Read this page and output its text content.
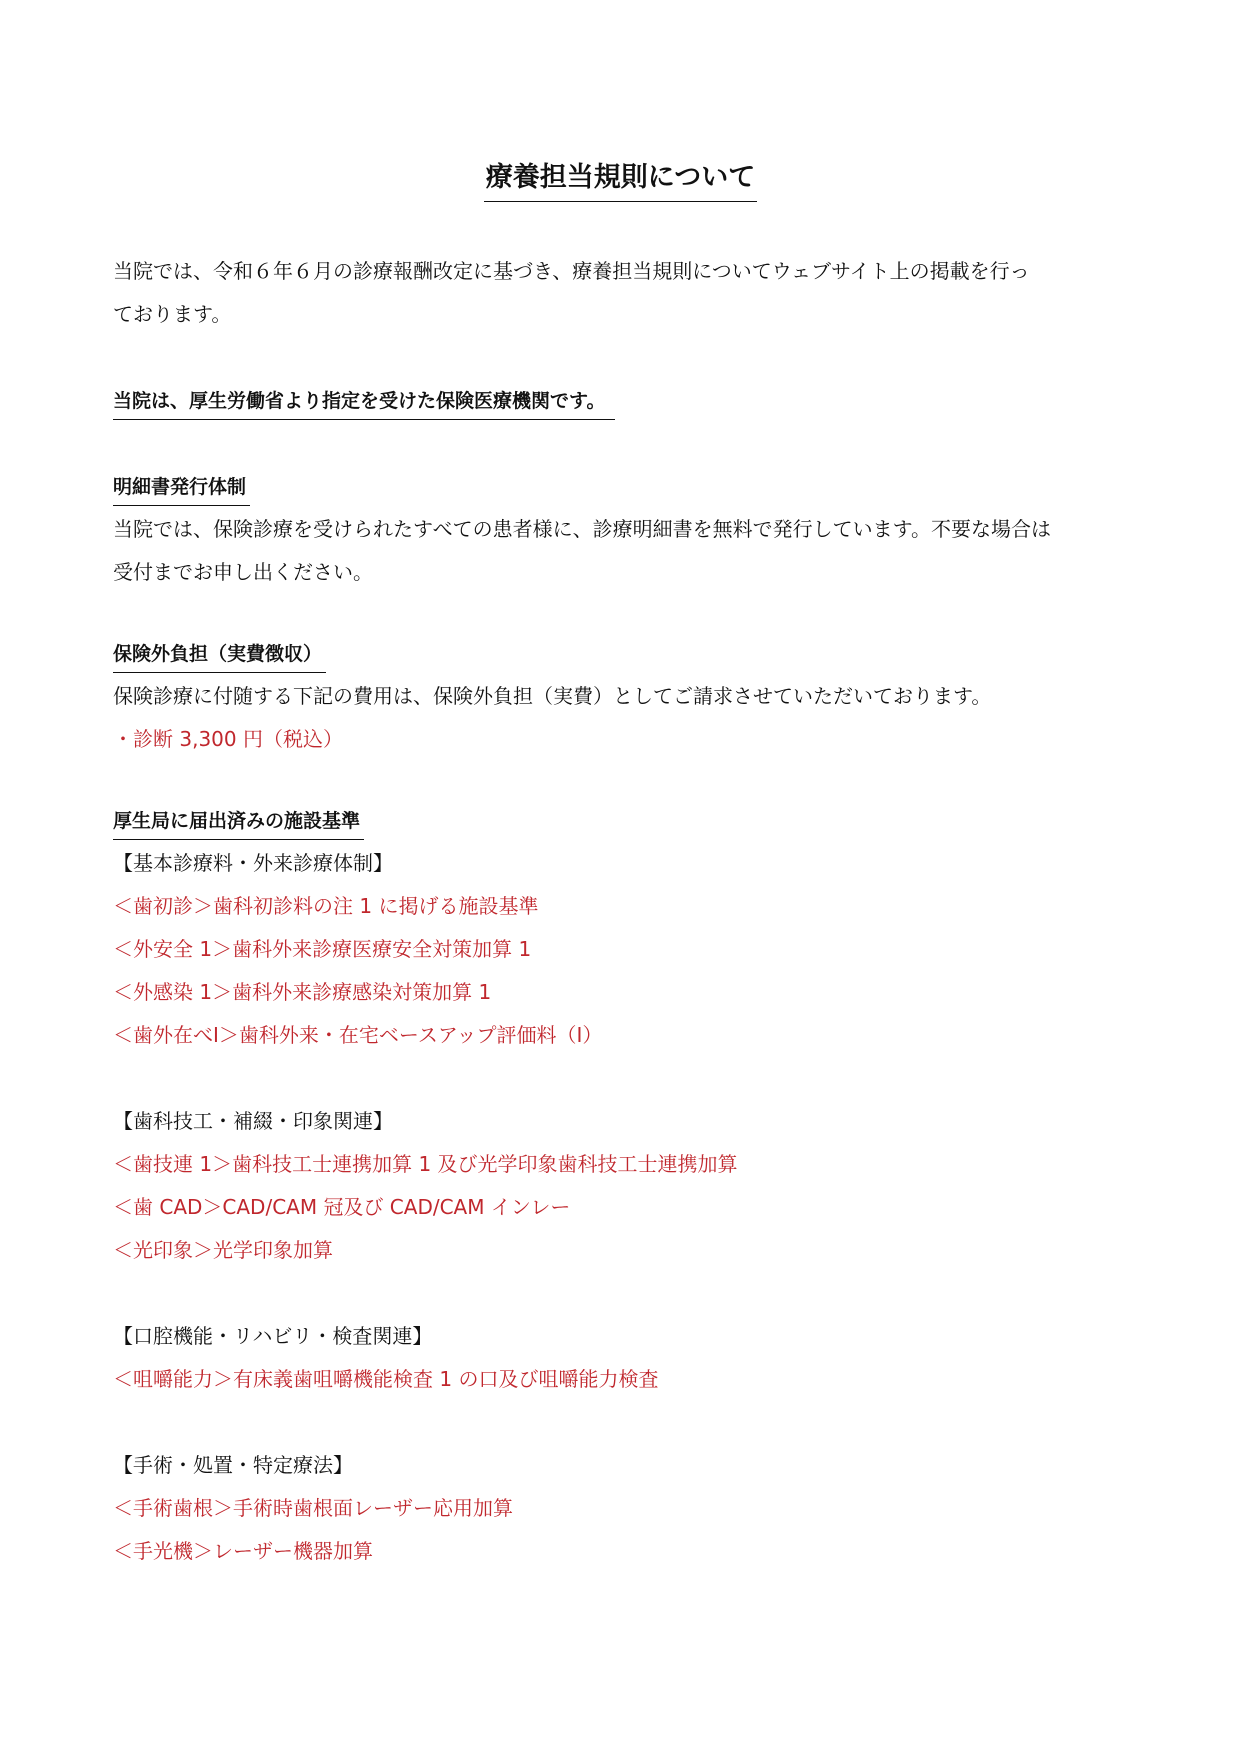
療養担当規則について

当院では、令和６年６月の診療報酬改定に基づき、療養担当規則についてウェブサイト上の掲載を行っ
ております。

当院は、厚生労働省より指定を受けた保険医療機関です。
明細書発行体制

当院では、保険診療を受けられたすべての患者様に、診療明細書を無料で発行しています。不要な場合は
受付までお申し出ください。

保険外負担（実費徴収）

保険診療に付随する下記の費用は、保険外負担（実費）としてご請求させていただいております。
・診断 3,300 円（税込）

厚生局に届出済みの施設基準
【基本診療料・外来診療体制】
＜歯初診＞歯科初診料の注 1 に掲げる施設基準
＜外安全 1＞歯科外来診療医療安全対策加算 1
＜外感染 1＞歯科外来診療感染対策加算 1
＜歯外在べⅠ＞歯科外来・在宅ベースアップ評価料（Ⅰ）
【歯科技工・補綴・印象関連】
＜歯技連 1＞歯科技工士連携加算 1 及び光学印象歯科技工士連携加算
＜歯 CAD＞CAD/CAM 冠及び CAD/CAM インレー
＜光印象＞光学印象加算
【口腔機能・リハビリ・検査関連】
＜咀嚼能力＞有床義歯咀嚼機能検査 1 の口及び咀嚼能力検査
【手術・処置・特定療法】
＜手術歯根＞手術時歯根面レーザー応用加算
＜手光機＞レーザー機器加算
